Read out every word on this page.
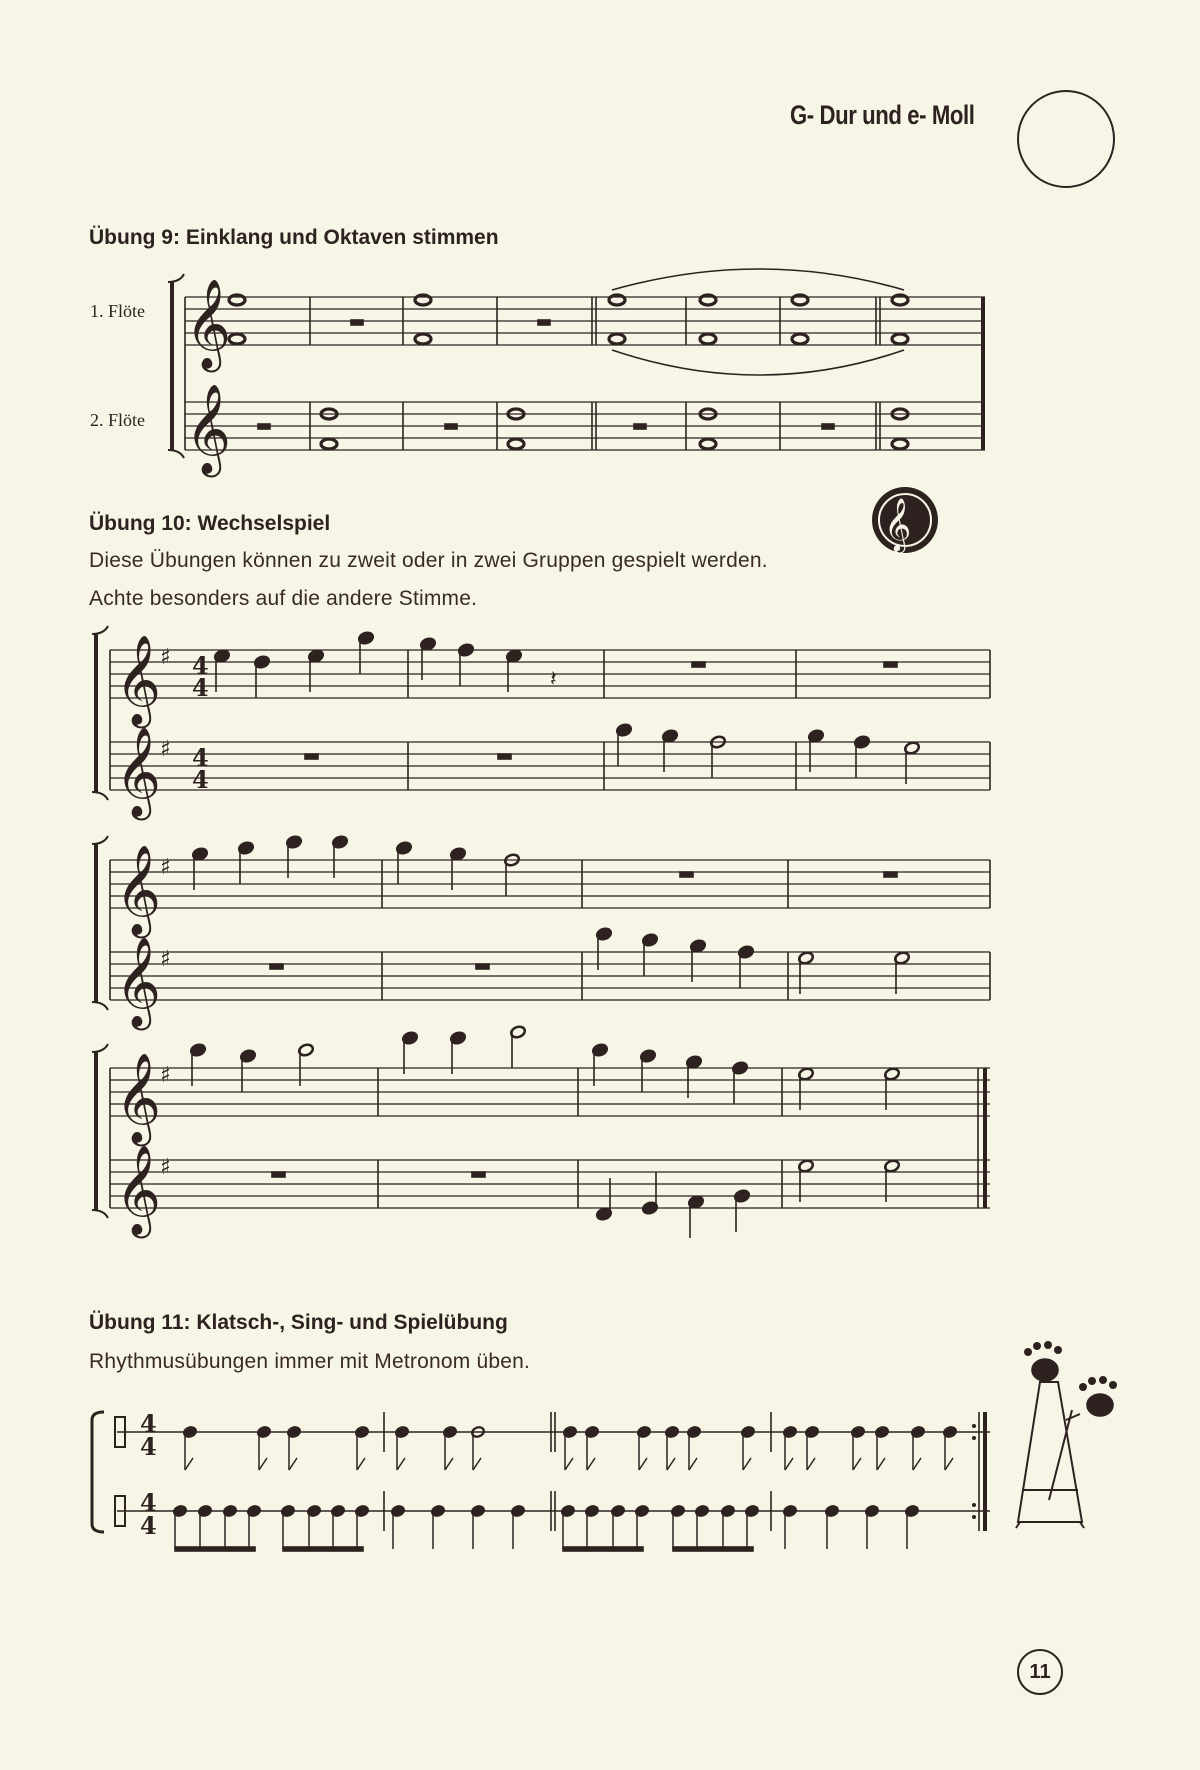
G- Dur und e- Moll
Übung 9: Einklang und Oktaven stimmen
1. Flöte
2. Flöte
Übung 10: Wechselspiel
Diese Übungen können zu zweit oder in zwei Gruppen gespielt werden.
Achte besonders auf die andere Stimme.
Übung 11: Klatsch-, Sing- und Spielübung
Rhythmusübungen immer mit Metronom üben.
11
𝄞
𝄞
𝄞
𝄞
♯
𝄞
♯
4
4
4
4
𝄽
𝄞
♯
𝄞
♯
𝄞
♯
𝄞
♯
4
4
4
4
